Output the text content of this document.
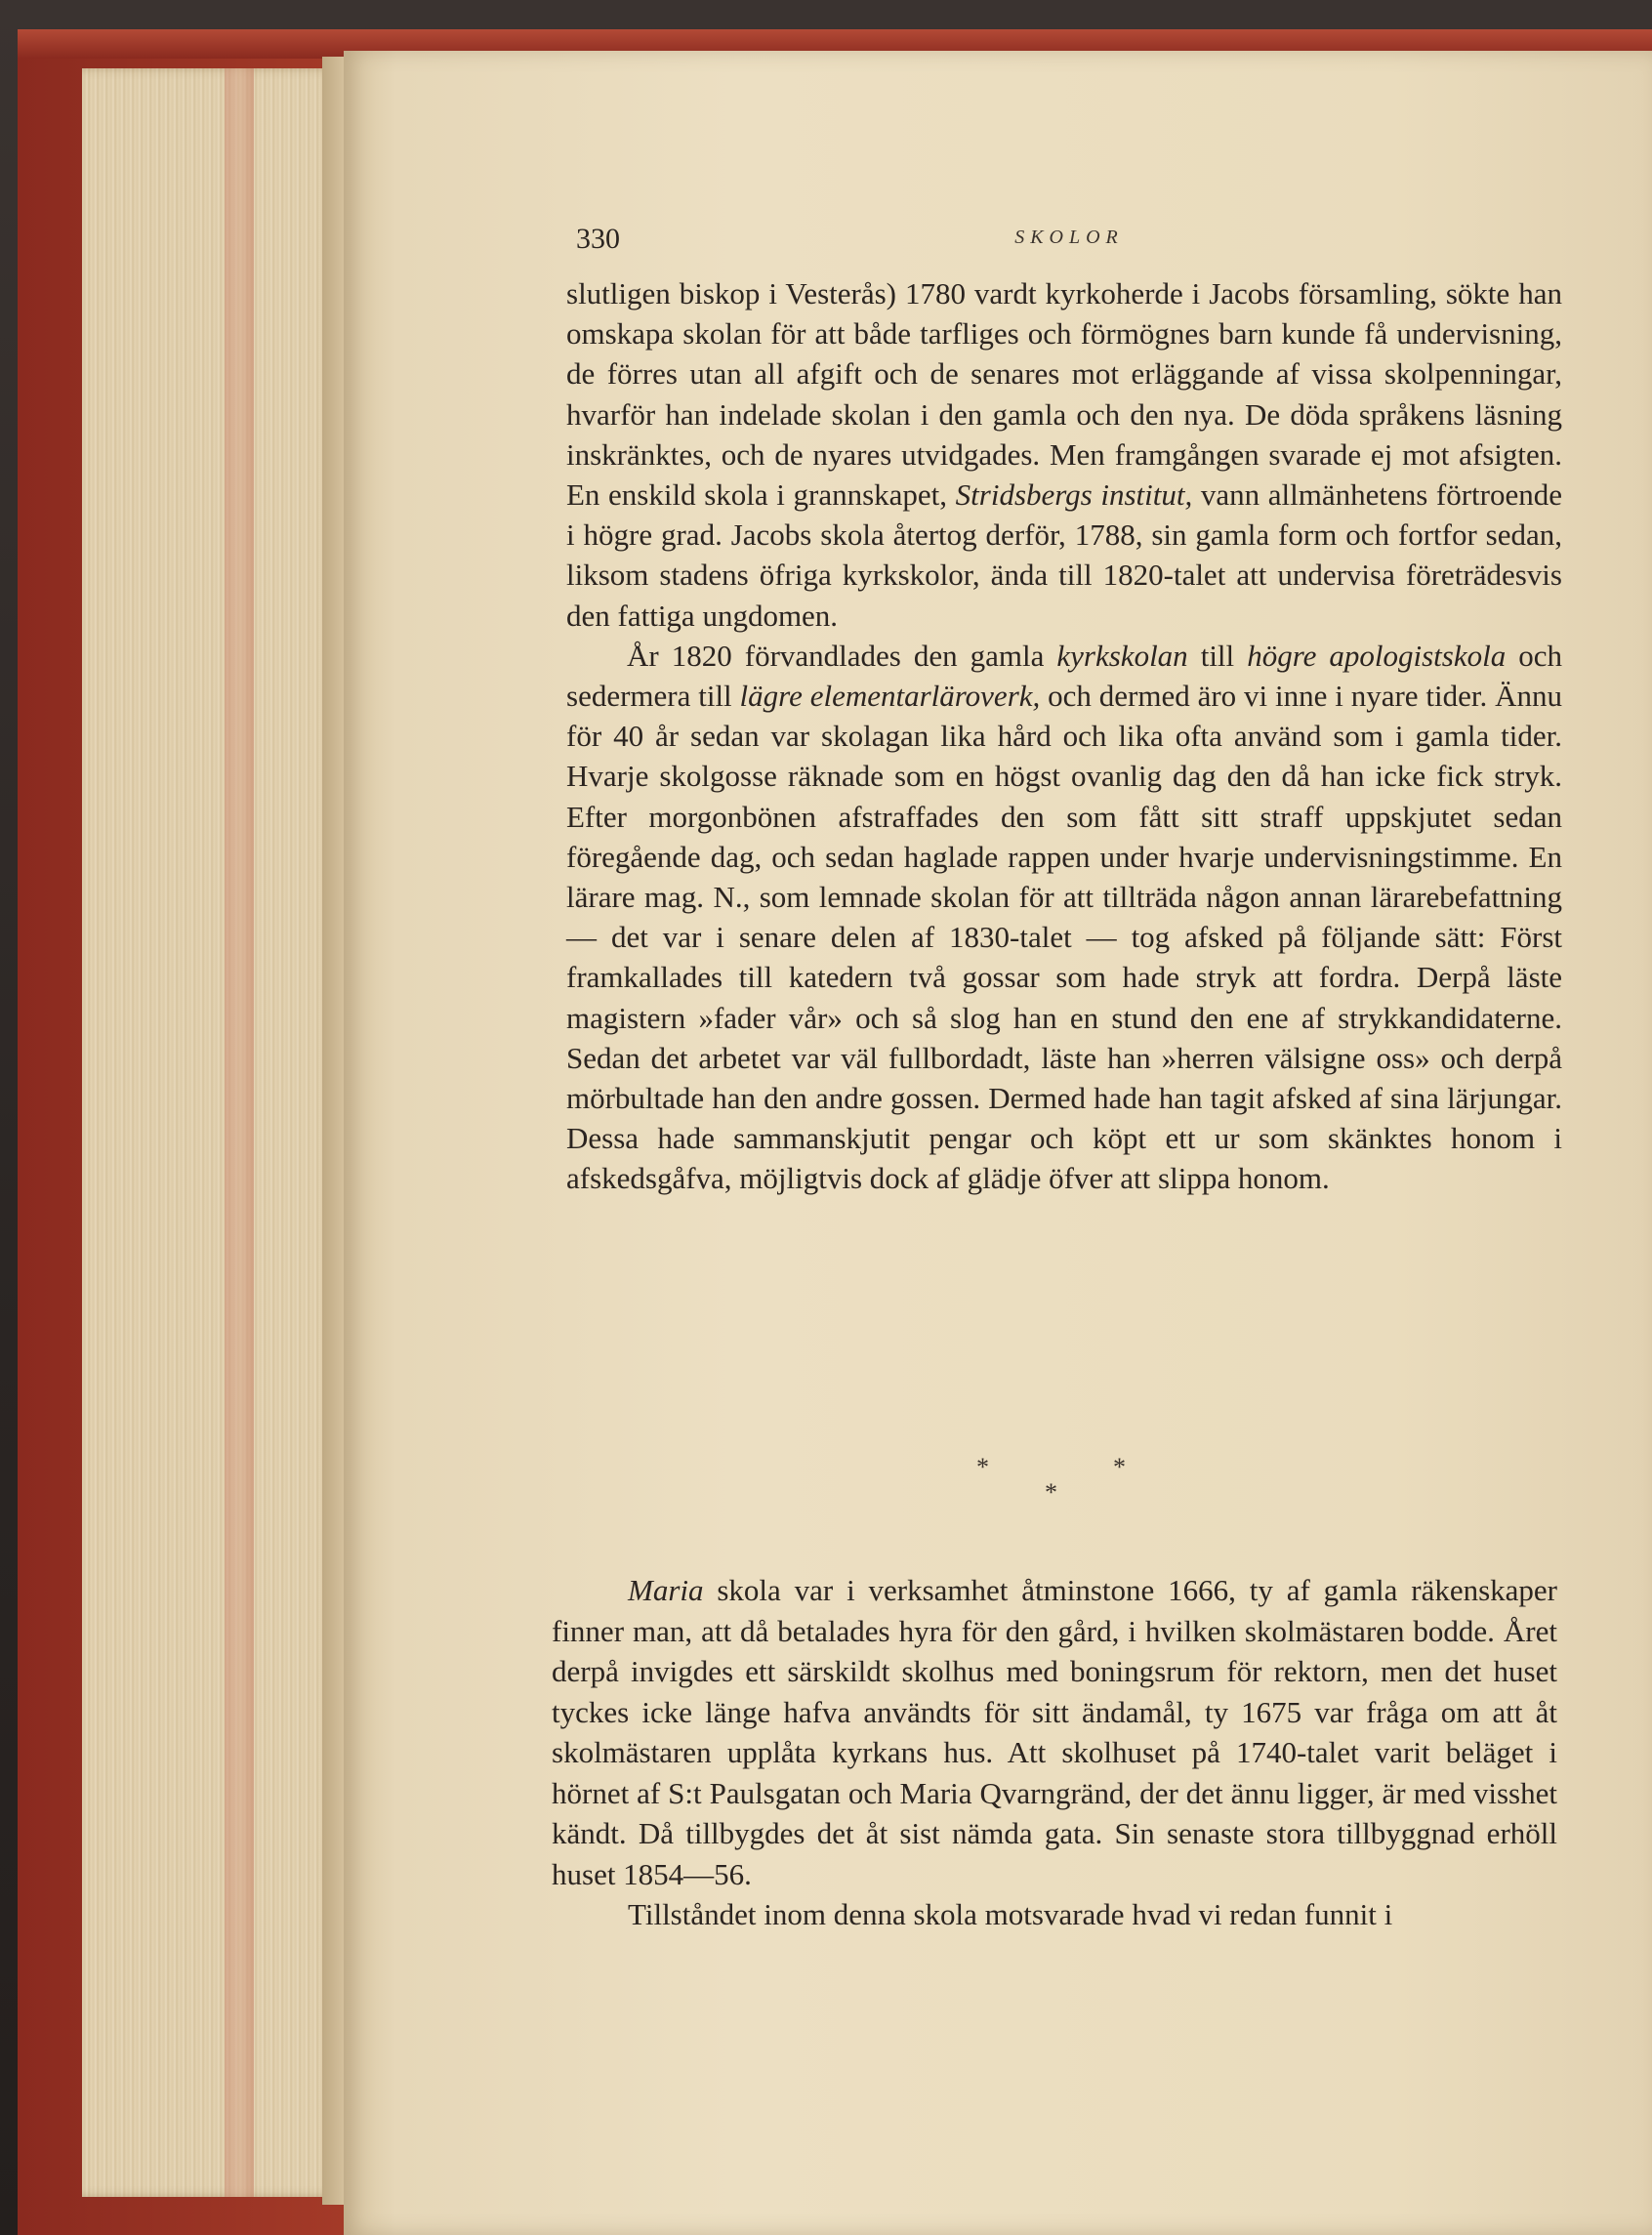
330	SKOLOR

slutligen biskop i Vesterås) 1780 vardt kyrkoherde i Jacobs församling, sökte han omskapa skolan för att både tarfliges och förmögnes barn kunde få undervisning, de förres utan all afgift och de senares mot erläggande af vissa skolpenningar, hvarför han indelade skolan i den gamla och den nya. De döda språkens läsning inskränktes, och de nyares utvidgades. Men framgången svarade ej mot afsigten. En enskild skola i grannskapet, Stridsbergs institut, vann allmänhetens förtroende i högre grad. Jacobs skola återtog derför, 1788, sin gamla form och fortfor sedan, liksom stadens öfriga kyrkskolor, ända till 1820-talet att undervisa företrädesvis den fattiga ungdomen.

År 1820 förvandlades den gamla kyrkskolan till högre apologistskola och sedermera till lägre elementarläroverk, och dermed äro vi inne i nyare tider. Ännu för 40 år sedan var skolagan lika hård och lika ofta använd som i gamla tider. Hvarje skolgosse räknade som en högst ovanlig dag den då han icke fick stryk. Efter morgonbönen afstraffades den som fått sitt straff uppskjutet sedan föregående dag, och sedan haglade rappen under hvarje undervisningstimme. En lärare mag. N., som lemnade skolan för att tillträda någon annan lärarebefattning — det var i senare delen af 1830-talet — tog afsked på följande sätt: Först framkallades till katedern två gossar som hade stryk att fordra. Derpå läste magistern »fader vår» och så slog han en stund den ene af strykkandidaterne. Sedan det arbetet var väl fullbordadt, läste han »herren välsigne oss» och derpå mörbultade han den andre gossen. Dermed hade han tagit afsked af sina lärjungar. Dessa hade sammanskjutit pengar och köpt ett ur som skänktes honom i afskedsgåfva, möjligtvis dock af glädje öfver att slippa honom.

*	*
*

Maria skola var i verksamhet åtminstone 1666, ty af gamla räkenskaper finner man, att då betalades hyra för den gård, i hvilken skolmästaren bodde. Året derpå invigdes ett särskildt skolhus med boningsrum för rektorn, men det huset tyckes icke länge hafva användts för sitt ändamål, ty 1675 var fråga om att åt skolmästaren upplåta kyrkans hus. Att skolhuset på 1740-talet varit beläget i hörnet af S:t Paulsgatan och Maria Qvarngränd, der det ännu ligger, är med visshet kändt. Då tillbygdes det åt sist nämda gata. Sin senaste stora tillbyggnad erhöll huset 1854—56.

Tillståndet inom denna skola motsvarade hvad vi redan funnit i
